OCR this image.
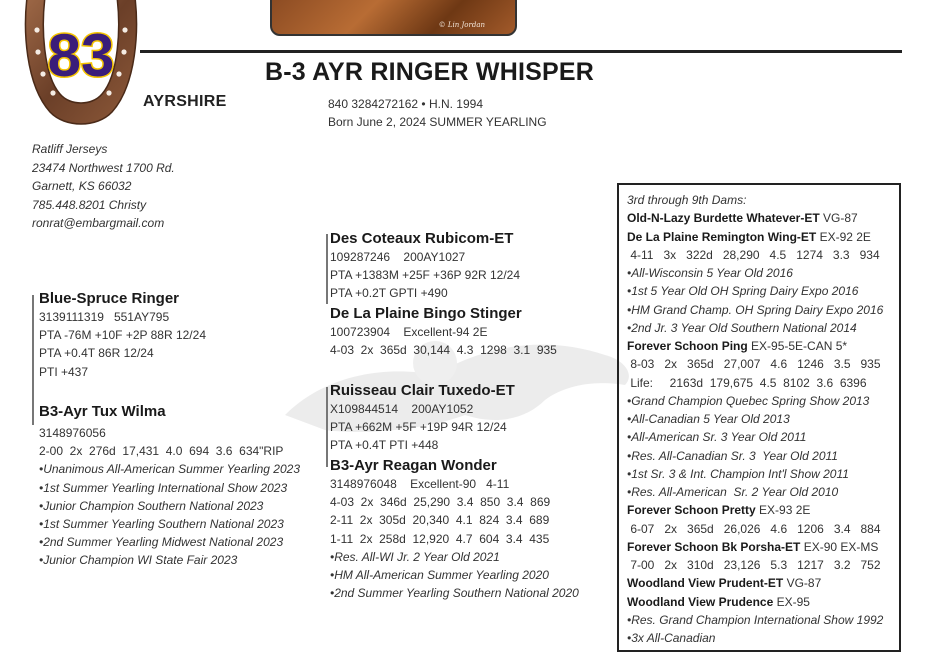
83	© Lin Jordan
B-3 AYR RINGER WHISPER
AYRSHIRE	840 3284272162 • H.N. 1994
Born June 2, 2024 SUMMER YEARLING
Ratliff Jerseys
23474 Northwest 1700 Rd.
Garnett, KS 66032
785.448.8201 Christy
ronrat@embargmail.com
Blue-Spruce Ringer
3139111319   551AY795
PTA -76M +10F +2P 88R 12/24
PTA +0.4T 86R 12/24
PTI +437
B3-Ayr Tux Wilma
3148976056
2-00  2x  276d  17,431  4.0  694  3.6  634"RIP
•Unanimous All-American Summer Yearling 2023
•1st Summer Yearling International Show 2023
•Junior Champion Southern National 2023
•1st Summer Yearling Southern National 2023
•2nd Summer Yearling Midwest National 2023
•Junior Champion WI State Fair 2023
Des Coteaux Rubicom-ET
109287246    200AY1027
PTA +1383M +25F +36P 92R 12/24
PTA +0.2T GPTI +490
De La Plaine Bingo Stinger
100723904    Excellent-94 2E
4-03  2x  365d  30,144  4.3  1298  3.1  935
Ruisseau Clair Tuxedo-ET
X109844514    200AY1052
PTA +662M +5F +19P 94R 12/24
PTA +0.4T PTI +448
B3-Ayr Reagan Wonder
3148976048    Excellent-90   4-11
4-03  2x  346d  25,290  3.4  850  3.4  869
2-11  2x  305d  20,340  4.1  824  3.4  689
1-11  2x  258d  12,920  4.7  604  3.4  435
•Res. All-WI Jr. 2 Year Old 2021
•HM All-American Summer Yearling 2020
•2nd Summer Yearling Southern National 2020
3rd through 9th Dams:
Old-N-Lazy Burdette Whatever-ET VG-87
De La Plaine Remington Wing-ET EX-92 2E
4-11   3x   322d   28,290   4.5   1274   3.3   934
•All-Wisconsin 5 Year Old 2016
•1st 5 Year Old OH Spring Dairy Expo 2016
•HM Grand Champ. OH Spring Dairy Expo 2016
•2nd Jr. 3 Year Old Southern National 2014
Forever Schoon Ping EX-95-5E-CAN 5*
8-03   2x   365d   27,007   4.6   1246   3.5   935
Life:     2163d  179,675  4.5  8102  3.6  6396
•Grand Champion Quebec Spring Show 2013
•All-Canadian 5 Year Old 2013
•All-American Sr. 3 Year Old 2011
•Res. All-Canadian Sr. 3  Year Old 2011
•1st Sr. 3 & Int. Champion Int'l Show 2011
•Res. All-American  Sr. 2 Year Old 2010
Forever Schoon Pretty EX-93 2E
6-07   2x   365d   26,026   4.6   1206   3.4   884
Forever Schoon Bk Porsha-ET EX-90 EX-MS
7-00   2x   310d   23,126   5.3   1217   3.2   752
Woodland View Prudent-ET VG-87
Woodland View Prudence EX-95
•Res. Grand Champion International Show 1992
•3x All-Canadian
